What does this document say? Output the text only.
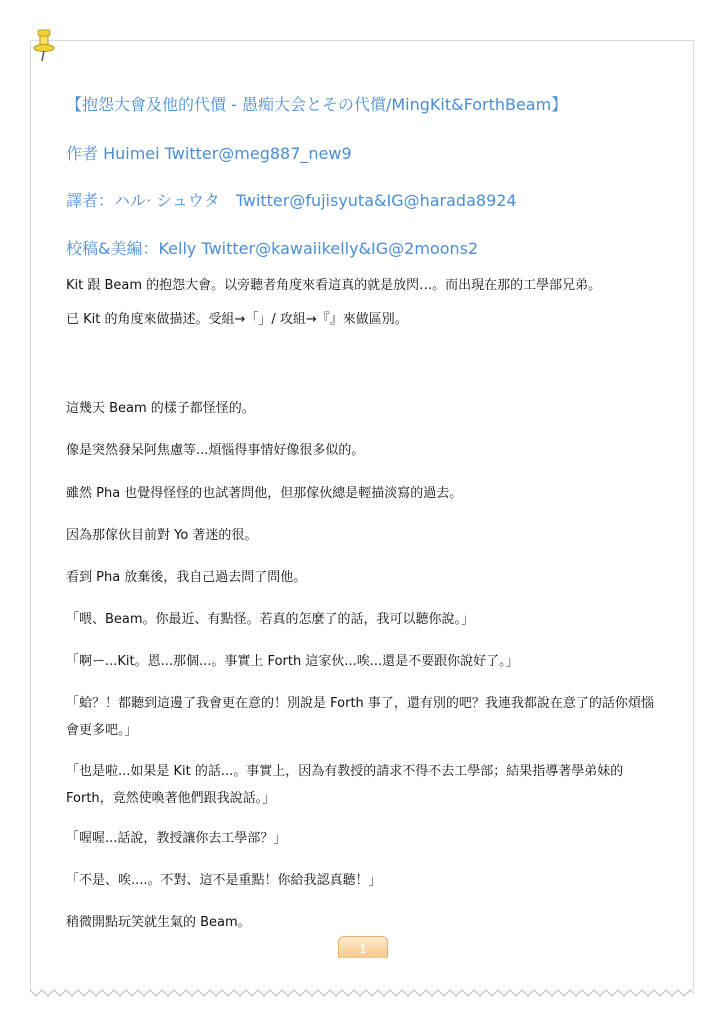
【抱怨大會及他的代價 - 愚痴大会とその代償/MingKit&ForthBeam】

作者 Huimei Twitter@meg887_new9

譯者：ハル· シュウタ　Twitter@fujisyuta&IG@harada8924

校稿&美編：Kelly Twitter@kawaiikelly&IG@2moons2

Kit 跟 Beam 的抱怨大會。以旁聽者角度來看這真的就是放閃…。而出現在那的工學部兄弟。

已 Kit 的角度來做描述。受組→「」/ 攻組→『』來做區別。

這幾天 Beam 的樣子都怪怪的。

像是突然發呆阿焦慮等...煩惱得事情好像很多似的。

雖然 Pha 也覺得怪怪的也試著問他，但那傢伙總是輕描淡寫的過去。

因為那傢伙目前對 Yo 著迷的很。

看到 Pha 放棄後，我自己過去問了問他。

「喂、Beam。你最近、有點怪。若真的怎麼了的話，我可以聽你說。」

「啊ー...Kit。恩...那個...。事實上 Forth 這家伙...唉...還是不要跟你說好了。」

「蛤？！都聽到這邊了我會更在意的！別說是 Forth 事了，還有別的吧？我連我都說在意了的話你煩惱會更多吧。」

「也是啦...如果是 Kit 的話...。事實上，因為有教授的請求不得不去工學部；結果指導著學弟妹的 Forth，竟然使喚著他們跟我說話。」

「喔喔...話說，教授讓你去工學部？」

「不是、唉....。不對、這不是重點！你給我認真聽！」

稍微開點玩笑就生氣的 Beam。

1
